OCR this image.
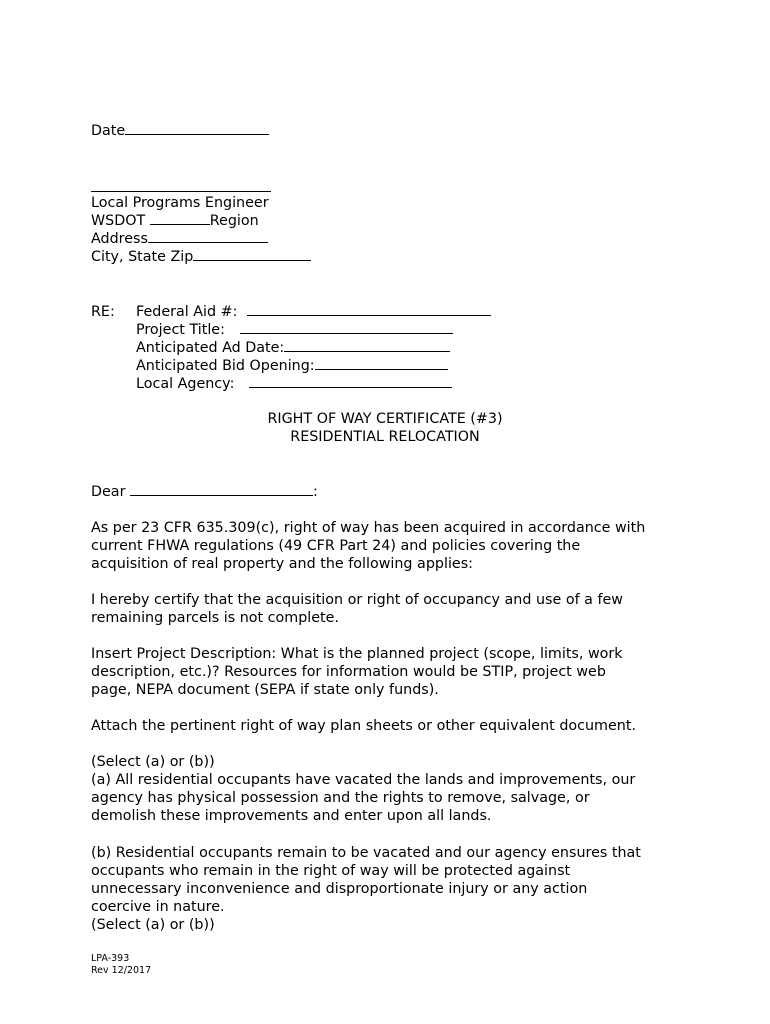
Date
Local Programs Engineer
WSDOT	Region
Address
City, State Zip
RE: Federal Aid #:
Project Title:
Anticipated Ad Date:
Anticipated Bid Opening:
Local Agency:
RIGHT OF WAY CERTIFICATE (#3)
RESIDENTIAL RELOCATION
Dear	:
As per 23 CFR 635.309(c), right of way has been acquired in accordance with
current FHWA regulations (49 CFR Part 24) and policies covering the
acquisition of real property and the following applies:
I hereby certify that the acquisition or right of occupancy and use of a few
remaining parcels is not complete.
Insert Project Description: What is the planned project (scope, limits, work
description, etc.)? Resources for information would be STIP, project web
page, NEPA document (SEPA if state only funds).
Attach the pertinent right of way plan sheets or other equivalent document.
(Select (a) or (b))
(a) All residential occupants have vacated the lands and improvements, our
agency has physical possession and the rights to remove, salvage, or
demolish these improvements and enter upon all lands.
(b) Residential occupants remain to be vacated and our agency ensures that
occupants who remain in the right of way will be protected against
unnecessary inconvenience and disproportionate injury or any action
coercive in nature.
(Select (a) or (b))
LPA-393
Rev 12/2017
